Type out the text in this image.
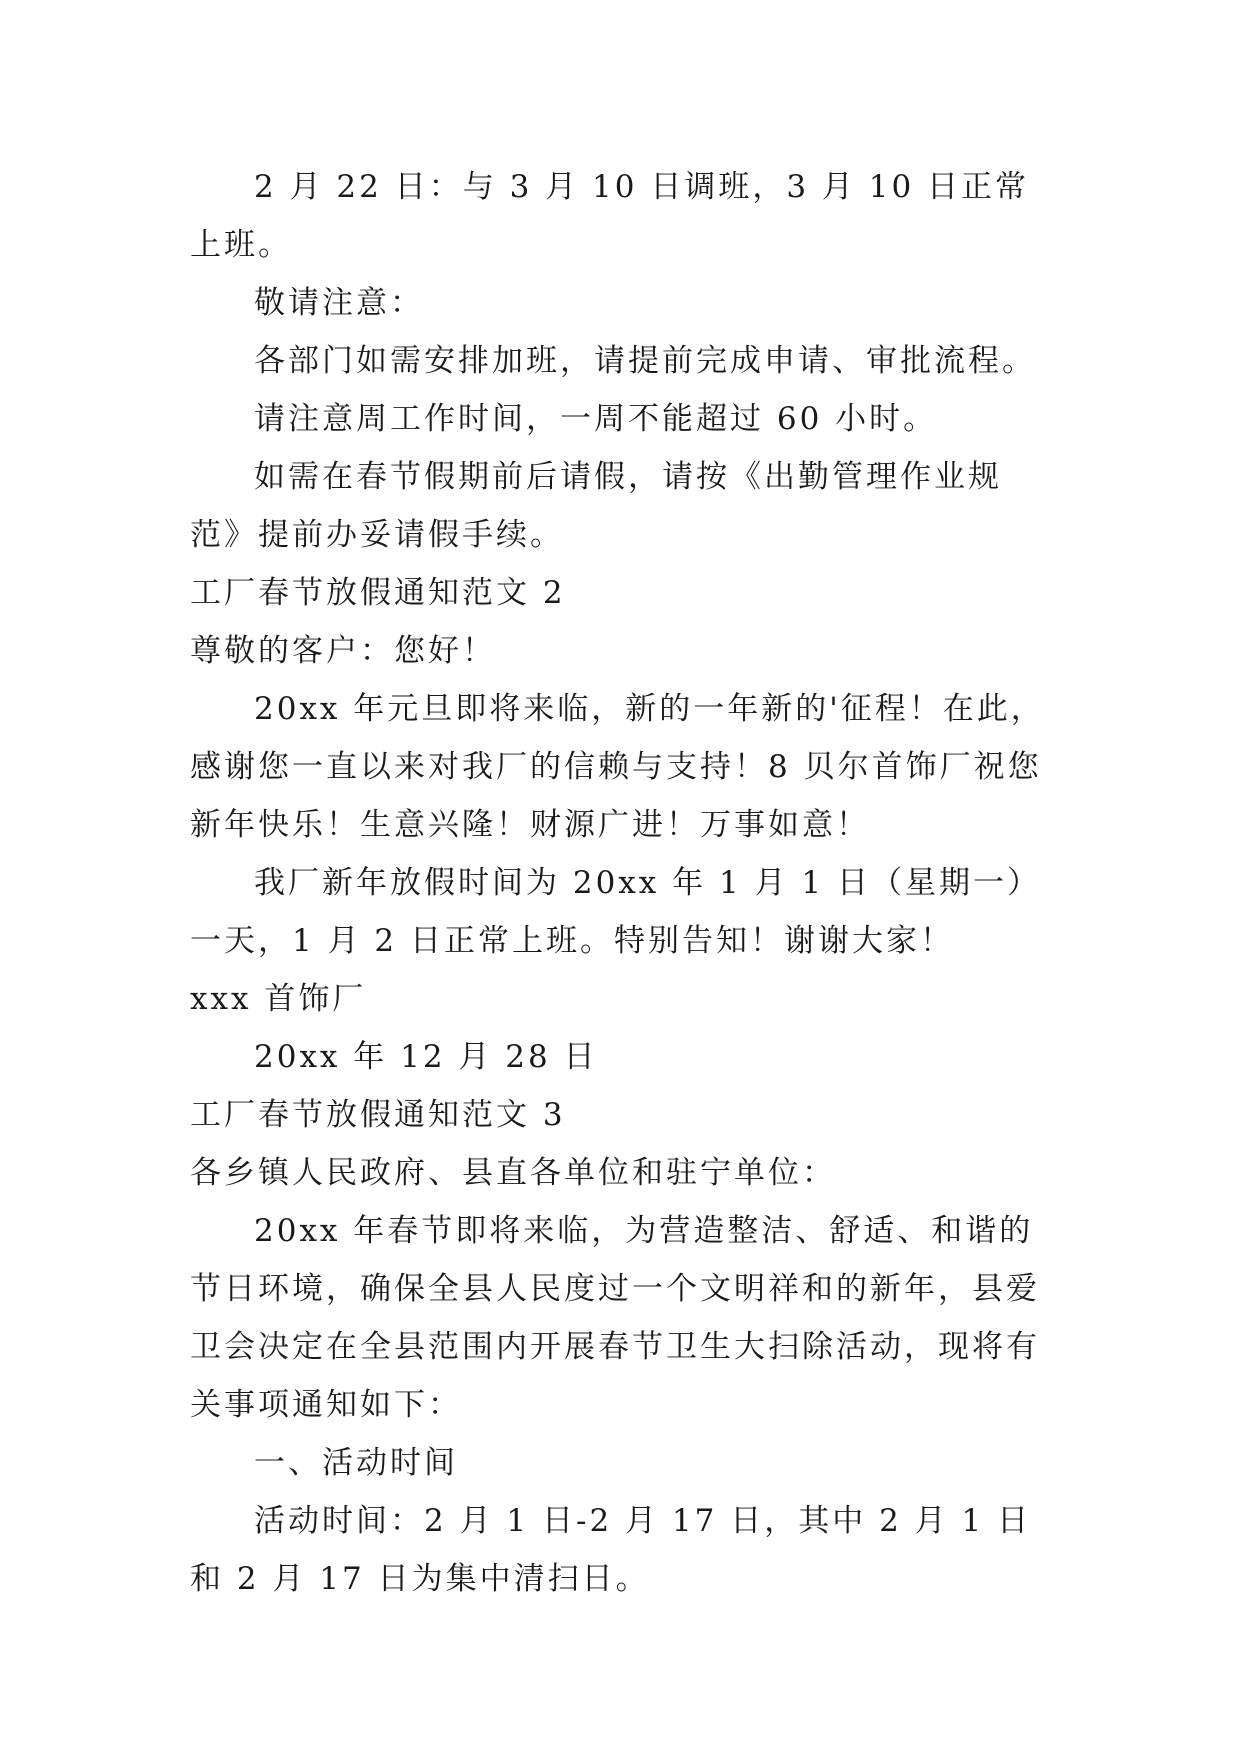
2 月 22 日：与 3 月 10 日调班，3 月 10 日正常上班。

敬请注意：

各部门如需安排加班，请提前完成申请、审批流程。

请注意周工作时间，一周不能超过 60 小时。

如需在春节假期前后请假，请按《出勤管理作业规范》提前办妥请假手续。

工厂春节放假通知范文 2

尊敬的客户：您好！

20xx 年元旦即将来临，新的一年新的'征程！在此，感谢您一直以来对我厂的信赖与支持！8 贝尔首饰厂祝您新年快乐！生意兴隆！财源广进！万事如意！

我厂新年放假时间为 20xx 年 1 月 1 日（星期一）一天，1 月 2 日正常上班。特别告知！谢谢大家！

xxx 首饰厂

20xx 年 12 月 28 日

工厂春节放假通知范文 3

各乡镇人民政府、县直各单位和驻宁单位：

20xx 年春节即将来临，为营造整洁、舒适、和谐的节日环境，确保全县人民度过一个文明祥和的新年，县爱卫会决定在全县范围内开展春节卫生大扫除活动，现将有关事项通知如下：

一、活动时间

活动时间：2 月 1 日-2 月 17 日，其中 2 月 1 日和 2 月 17 日为集中清扫日。
